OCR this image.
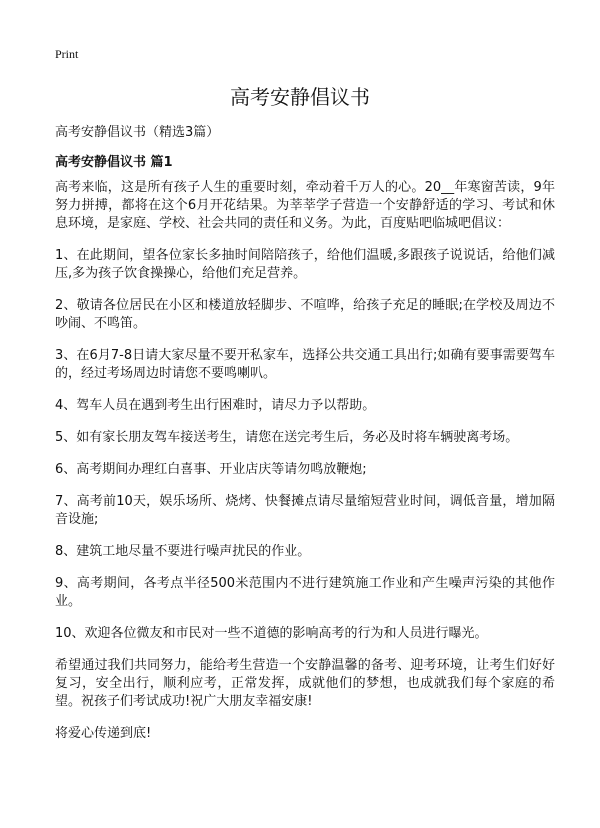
Print
高考安静倡议书
高考安静倡议书（精选3篇）
高考安静倡议书 篇1

高考来临，这是所有孩子人生的重要时刻，牵动着千万人的心。20__年寒窗苦读，9年努力拼搏，都将在这个6月开花结果。为莘莘学子营造一个安静舒适的学习、考试和休息环境，是家庭、学校、社会共同的责任和义务。为此，百度贴吧临城吧倡议：

1、在此期间，望各位家长多抽时间陪陪孩子，给他们温暖,多跟孩子说说话，给他们减压,多为孩子饮食操操心，给他们充足营养。

2、敬请各位居民在小区和楼道放轻脚步、不喧哗，给孩子充足的睡眠;在学校及周边不吵闹、不鸣笛。

3、在6月7-8日请大家尽量不要开私家车，选择公共交通工具出行;如确有要事需要驾车的，经过考场周边时请您不要鸣喇叭。

4、驾车人员在遇到考生出行困难时，请尽力予以帮助。

5、如有家长朋友驾车接送考生，请您在送完考生后，务必及时将车辆驶离考场。

6、高考期间办理红白喜事、开业店庆等请勿鸣放鞭炮;

7、高考前10天，娱乐场所、烧烤、快餐摊点请尽量缩短营业时间，调低音量，增加隔音设施;

8、建筑工地尽量不要进行噪声扰民的作业。

9、高考期间，各考点半径500米范围内不进行建筑施工作业和产生噪声污染的其他作业。

10、欢迎各位微友和市民对一些不道德的影响高考的行为和人员进行曝光。

希望通过我们共同努力，能给考生营造一个安静温馨的备考、迎考环境，让考生们好好复习，安全出行，顺利应考，正常发挥，成就他们的梦想，也成就我们每个家庭的希望。祝孩子们考试成功!祝广大朋友幸福安康!

将爱心传递到底!
